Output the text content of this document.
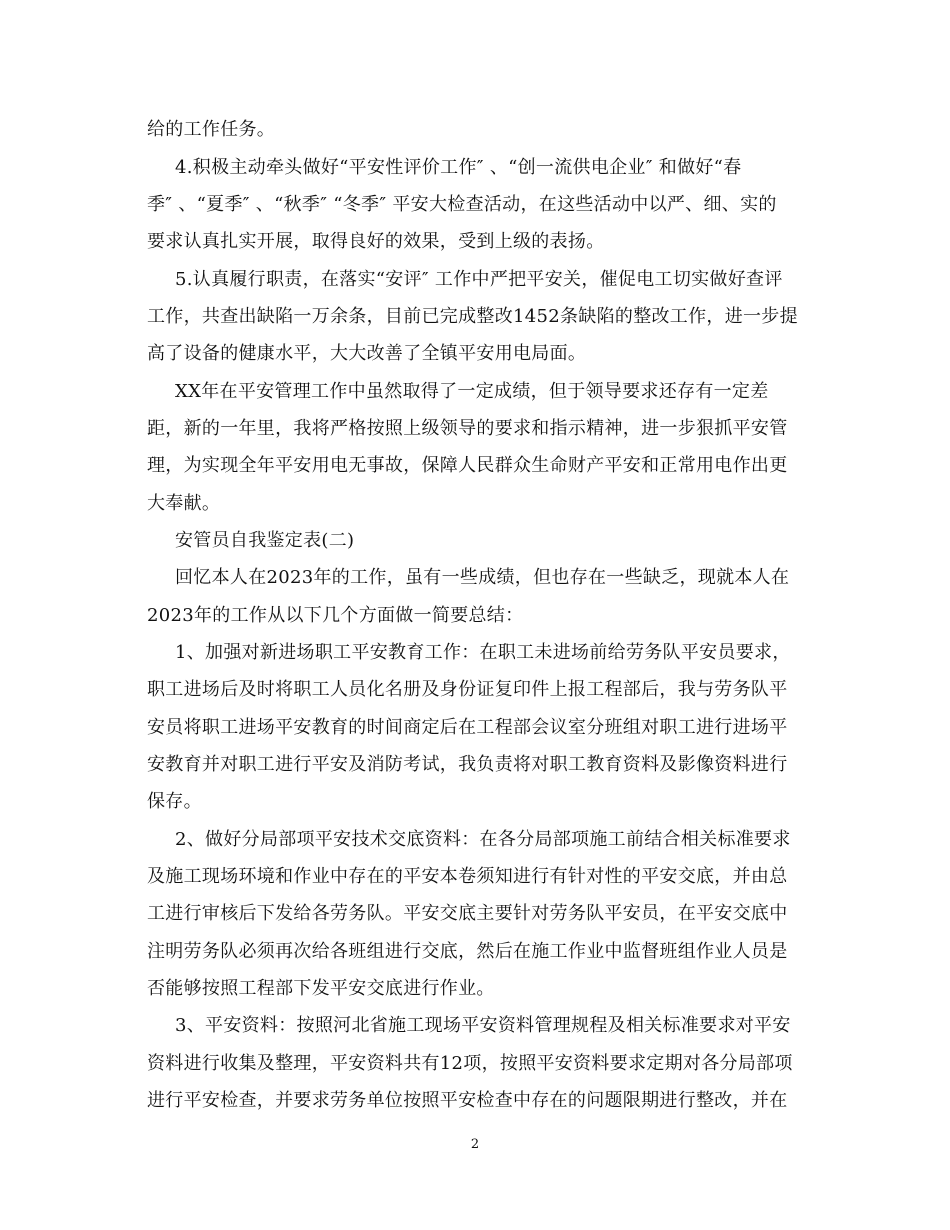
给的工作任务。
4.积极主动牵头做好“平安性评价工作″ 、“创一流供电企业″ 和做好“春
季″ 、“夏季″ 、“秋季″ “冬季″ 平安大检查活动，在这些活动中以严、细、实的
要求认真扎实开展，取得良好的效果，受到上级的表扬。
5.认真履行职责，在落实“安评″ 工作中严把平安关，催促电工切实做好查评
工作，共查出缺陷一万余条，目前已完成整改1452条缺陷的整改工作，进一步提
高了设备的健康水平，大大改善了全镇平安用电局面。
XX年在平安管理工作中虽然取得了一定成绩，但于领导要求还存有一定差
距，新的一年里，我将严格按照上级领导的要求和指示精神，进一步狠抓平安管
理，为实现全年平安用电无事故，保障人民群众生命财产平安和正常用电作出更
大奉献。
安管员自我鉴定表(二)
回忆本人在2023年的工作，虽有一些成绩，但也存在一些缺乏，现就本人在
2023年的工作从以下几个方面做一简要总结：
1、加强对新进场职工平安教育工作：在职工未进场前给劳务队平安员要求，
职工进场后及时将职工人员化名册及身份证复印件上报工程部后，我与劳务队平
安员将职工进场平安教育的时间商定后在工程部会议室分班组对职工进行进场平
安教育并对职工进行平安及消防考试，我负责将对职工教育资料及影像资料进行
保存。
2、做好分局部项平安技术交底资料：在各分局部项施工前结合相关标准要求
及施工现场环境和作业中存在的平安本卷须知进行有针对性的平安交底，并由总
工进行审核后下发给各劳务队。平安交底主要针对劳务队平安员，在平安交底中
注明劳务队必须再次给各班组进行交底，然后在施工作业中监督班组作业人员是
否能够按照工程部下发平安交底进行作业。
3、平安资料：按照河北省施工现场平安资料管理规程及相关标准要求对平安
资料进行收集及整理，平安资料共有12项，按照平安资料要求定期对各分局部项
进行平安检查，并要求劳务单位按照平安检查中存在的问题限期进行整改，并在
2
